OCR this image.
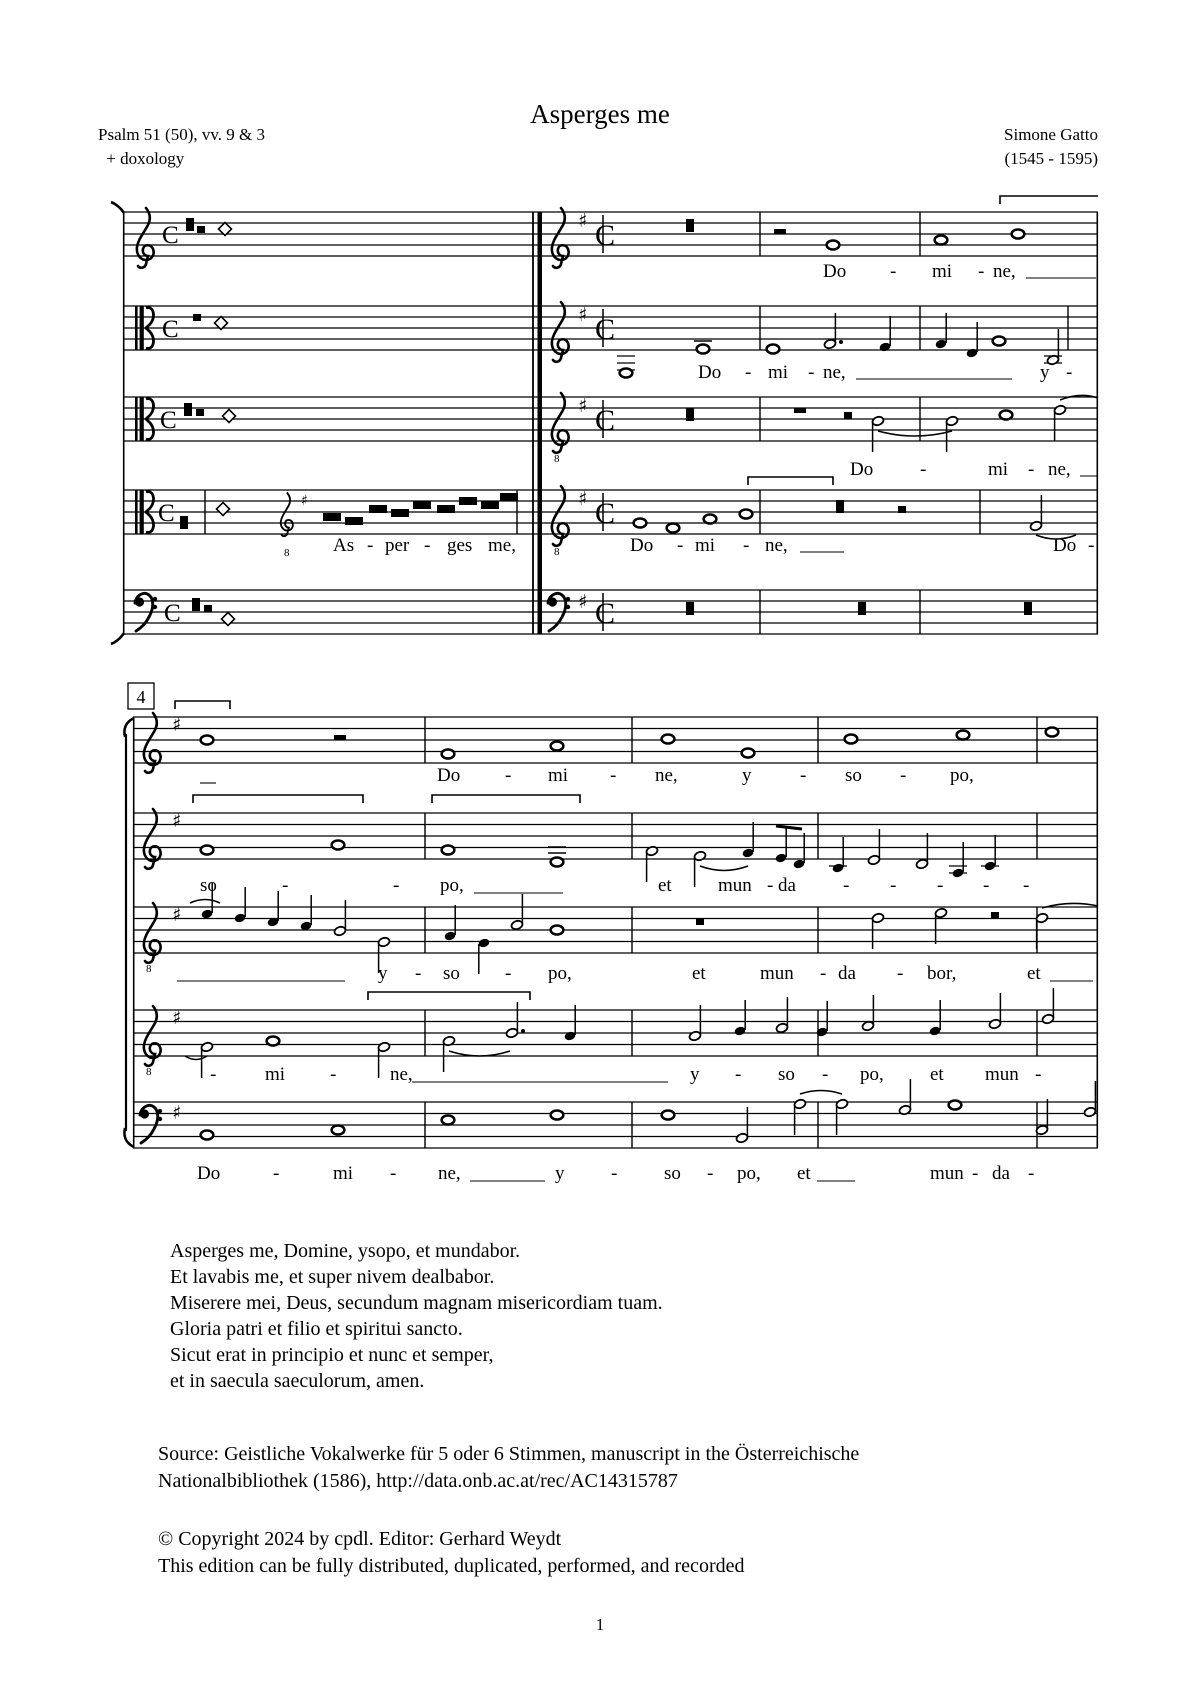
C
C
C
C
8
♯
C
♯ C
♯ C
8
♯ C
8
♯ C
♯ C
4
♯
♯
8
♯
8
♯
♯
Asperges me
Psalm 51 (50), vv. 9 & 3
+ doxology
Simone Gatto
(1545 - 1595)
Do - mi - ne,
Do - mi - ne,	y -
Do -	mi - ne,
As - per - ges me,	Do - mi - ne,	Do -
Do - mi - ne,	y	- so - po,
so	-	- po,	et mun - da - - - - -
y - so - po,	et	mun - da - bor,	et
-	mi -	ne,	y - so - po, et mun -
Do	-	mi - ne,	y - so - po, et	mun - da -
Asperges me, Domine, ysopo, et mundabor.
Et lavabis me, et super nivem dealbabor.
Miserere mei, Deus, secundum magnam misericordiam tuam.
Gloria patri et filio et spiritui sancto.
Sicut erat in principio et nunc et semper,
et in saecula saeculorum, amen.
Source: Geistliche Vokalwerke für 5 oder 6 Stimmen, manuscript in the Österreichische
Nationalbibliothek (1586), http://data.onb.ac.at/rec/AC14315787
© Copyright 2024 by cpdl. Editor: Gerhard Weydt
This edition can be fully distributed, duplicated, performed, and recorded
1
